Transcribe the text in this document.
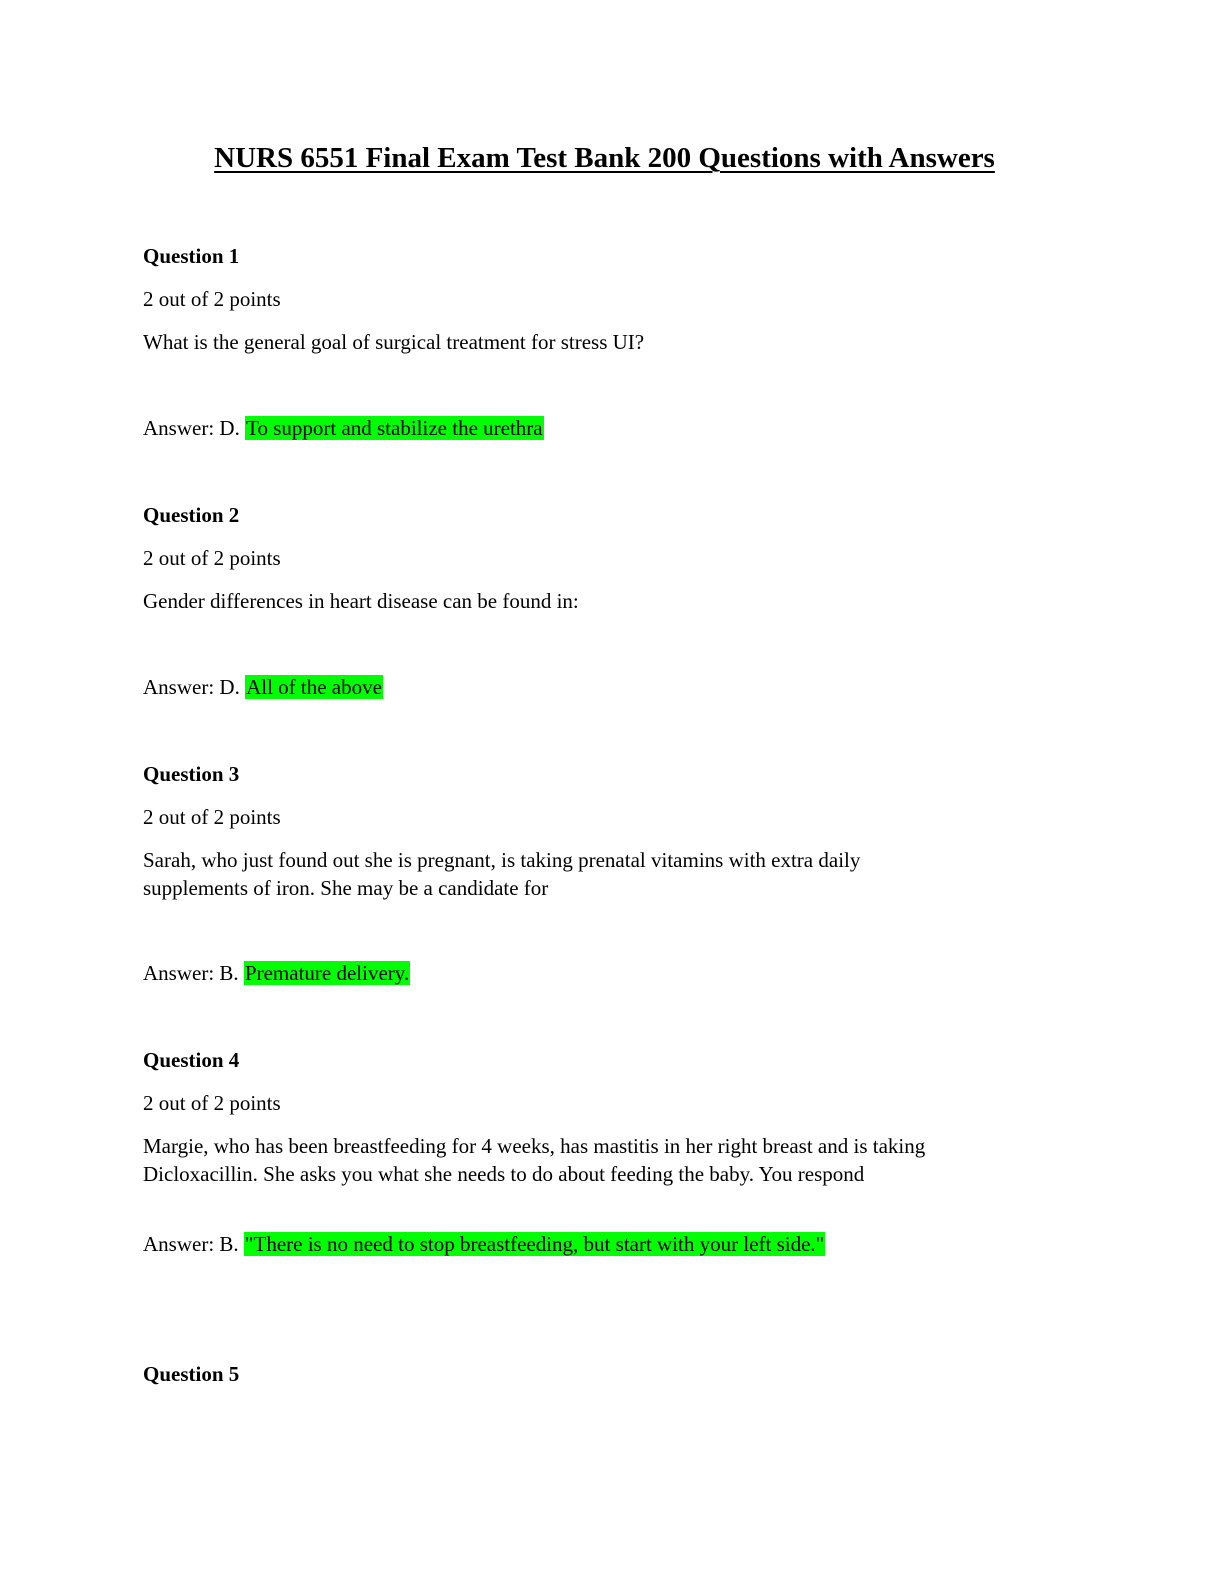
NURS 6551 Final Exam Test Bank 200 Questions with Answers
Question 1
2 out of 2 points
What is the general goal of surgical treatment for stress UI?
Answer: D. To support and stabilize the urethra
Question 2
2 out of 2 points
Gender differences in heart disease can be found in:
Answer: D. All of the above
Question 3
2 out of 2 points
Sarah, who just found out she is pregnant, is taking prenatal vitamins with extra daily
supplements of iron. She may be a candidate for
Answer: B. Premature delivery.
Question 4
2 out of 2 points
Margie, who has been breastfeeding for 4 weeks, has mastitis in her right breast and is taking
Dicloxacillin. She asks you what she needs to do about feeding the baby. You respond
Answer: B. "There is no need to stop breastfeeding, but start with your left side."
Question 5
